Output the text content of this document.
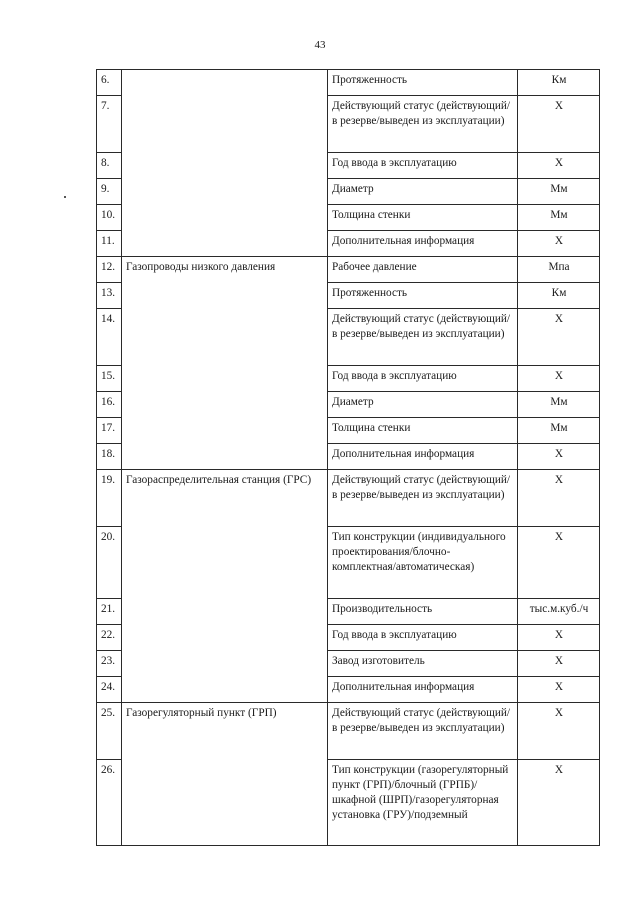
43
6.		Протяженность	Км
7.		Действующий статус (действующий/в резерве/выведен из эксплуатации)	Х
8.		Год ввода в эксплуатацию	Х
9.		Диаметр	Мм
10.		Толщина стенки	Мм
11.		Дополнительная информация	Х
12.	Газопроводы низкого давления	Рабочее давление	Мпа
13.		Протяженность	Км
14.		Действующий статус (действующий/в резерве/выведен из эксплуатации)	Х
15.		Год ввода в эксплуатацию	Х
16.		Диаметр	Мм
17.		Толщина стенки	Мм
18.		Дополнительная информация	Х
19.	Газораспределительная станция (ГРС)	Действующий статус (действующий/в резерве/выведен из эксплуатации)	Х
20.		Тип конструкции (индивидуального проектирования/блочно-комплектная/автоматическая)	Х
21.		Производительность	тыс.м.куб./ч
22.		Год ввода в эксплуатацию	Х
23.		Завод изготовитель	Х
24.		Дополнительная информация	Х
25.	Газорегуляторный пункт (ГРП)	Действующий статус (действующий/в резерве/выведен из эксплуатации)	Х
26.		Тип конструкции (газорегуляторный пункт (ГРП)/блочный (ГРПБ)/шкафной (ШРП)/газорегуляторная установка (ГРУ)/подземный	Х
